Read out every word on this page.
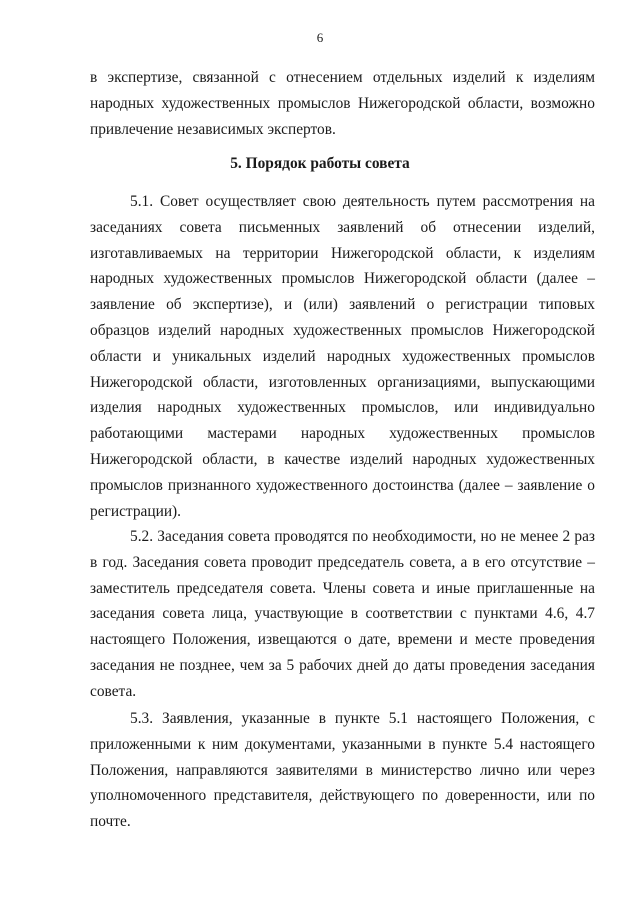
6

в экспертизе, связанной с отнесением отдельных изделий к изделиям народных художественных промыслов Нижегородской области, возможно привлечение независимых экспертов.

5. Порядок работы совета

5.1. Совет осуществляет свою деятельность путем рассмотрения на заседаниях совета письменных заявлений об отнесении изделий, изготавливаемых на территории Нижегородской области, к изделиям народных художественных промыслов Нижегородской области (далее – заявление об экспертизе), и (или) заявлений о регистрации типовых образцов изделий народных художественных промыслов Нижегородской области и уникальных изделий народных художественных промыслов Нижегородской области, изготовленных организациями, выпускающими изделия народных художественных промыслов, или индивидуально работающими мастерами народных художественных промыслов Нижегородской области, в качестве изделий народных художественных промыслов признанного художественного достоинства (далее – заявление о регистрации).

5.2. Заседания совета проводятся по необходимости, но не менее 2 раз в год. Заседания совета проводит председатель совета, а в его отсутствие – заместитель председателя совета. Члены совета и иные приглашенные на заседания совета лица, участвующие в соответствии с пунктами 4.6, 4.7 настоящего Положения, извещаются о дате, времени и месте проведения заседания не позднее, чем за 5 рабочих дней до даты проведения заседания совета.

5.3. Заявления, указанные в пункте 5.1 настоящего Положения, с приложенными к ним документами, указанными в пункте 5.4 настоящего Положения, направляются заявителями в министерство лично или через уполномоченного представителя, действующего по доверенности, или по почте.
